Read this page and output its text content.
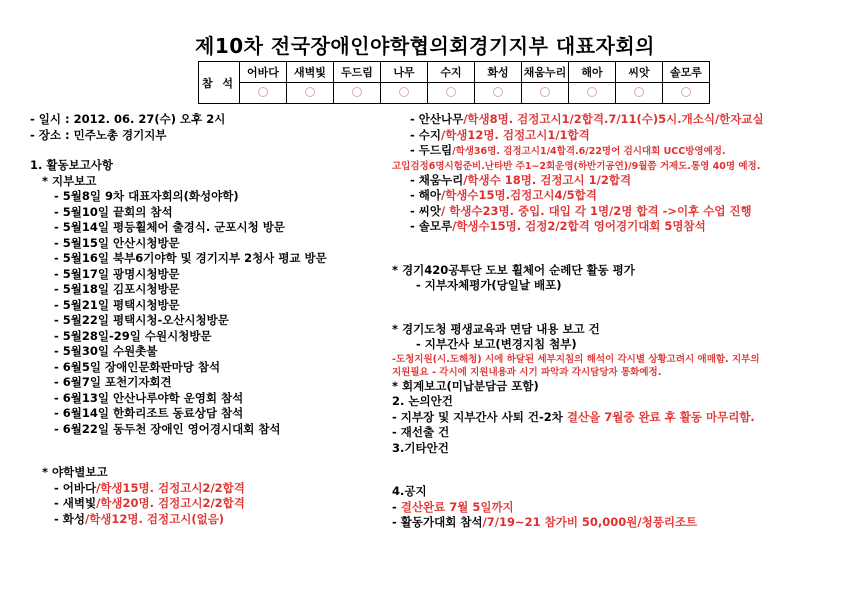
제10차 전국장애인야학협의회경기지부 대표자회의
참 석	어바다	새벽빛	두드림	나무	수지	화성	채움누리	해아	씨앗	솔모루

- 일시 : 2012. 06. 27(수) 오후 2시
- 장소 : 민주노총 경기지부
1. 활동보고사항
* 지부보고
- 5월8일 9차 대표자회의(화성야학)
- 5월10일 끝회의 참석
- 5월14일 평등휠체어 출경식. 군포시청 방문
- 5월15일 안산시청방문
- 5월16일 북부6기야학 및 경기지부 2청사 평교 방문
- 5월17일 광명시청방문
- 5월18일 김포시청방문
- 5월21일 평택시청방문
- 5월22일 평택시청-오산시청방문
- 5월28일-29일 수원시청방문
- 5월30일 수원촛불
- 6월5일 장애인문화판마당 참석
- 6월7일 포천기자회견
- 6월13일 안산나루야학 운영회 참석
- 6월14일 한화리조트 동료상담 참석
- 6월22일 동두천 장애인 영어경시대회 참석
* 야학별보고
- 어바다/학생15명. 검정고시2/2합격
- 새벽빛/학생20명. 검정고시2/2합격
- 화성/학생12명. 검정고시(없음)
- 안산나무/학생8명. 검정고시1/2합격.7/11(수)5시.개소식/한자교실
- 수지/학생12명. 검정고시1/1합격
- 두드림/학생36명. 검정고시1/4합격.6/22명어 검시대회 UCC방영예정.
고입검정6명시험준비.난타반 주1~2회운영(하반기공연)/9월쯤 거제도.통영 40명 예정.
- 채움누리/학생수 18명. 검정고시 1/2합격
- 해아/학생수15명.검정고시4/5합격
- 씨앗/ 학생수23명. 중입. 대입 각 1명/2명 합격 ->이후 수업 진행
- 솔모루/학생수15명. 검정2/2합격 영어경기대회 5명참석
* 경기420공투단 도보 휠체어 순례단 활동 평가
- 지부자체평가(당일날 배포)
* 경기도청 평생교육과 면담 내용 보고 건
- 지부간사 보고(변경지침 첨부)
-도청지원(시.도해청) 시에 하달된 세부지침의 해석이 각시별 상황고려시 애매함. 지부의
지원필요 - 각시에 지원내용과 시기 파악과 각시담당자 통화예정.
* 회계보고(미납분담금 포함)
2. 논의안건
- 지부장 및 지부간사 사퇴 건-2차 결산을 7월중 완료 후 활동 마무리함.
- 재선출 건
3.기타안건
4.공지
- 결산완료 7월 5일까지
- 활동가대회 참석/7/19~21 참가비 50,000원/청풍리조트
